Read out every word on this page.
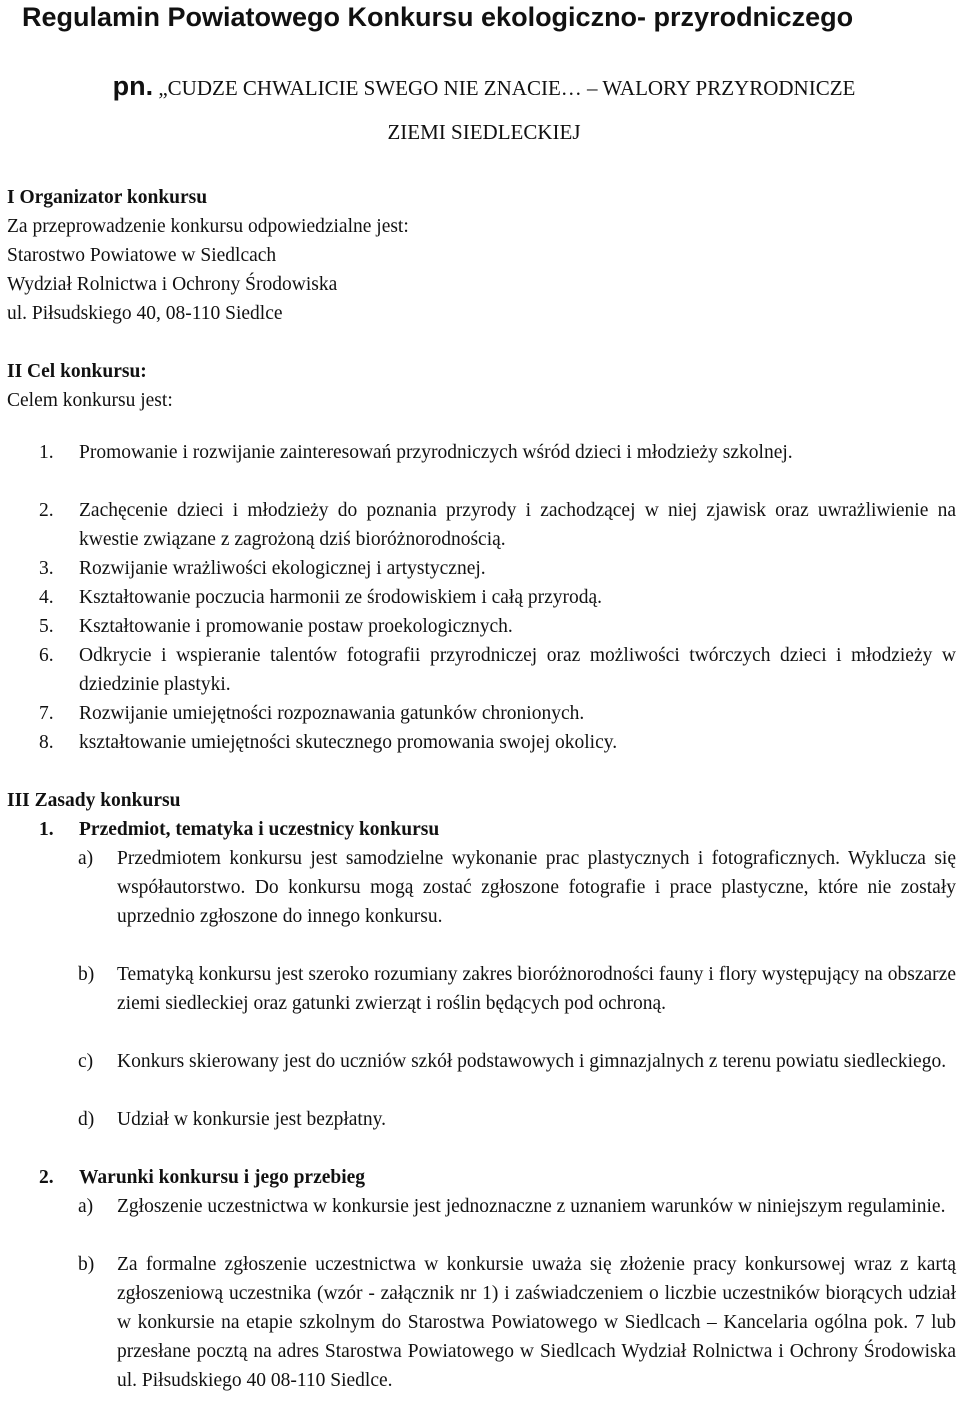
Regulamin Powiatowego Konkursu ekologiczno- przyrodniczego
pn. „CUDZE CHWALICIE SWEGO NIE ZNACIE… – WALORY PRZYRODNICZE
ZIEMI SIEDLECKIEJ
I Organizator konkursu
Za przeprowadzenie konkursu odpowiedzialne jest:
Starostwo Powiatowe w Siedlcach
Wydział Rolnictwa i Ochrony Środowiska
ul. Piłsudskiego 40, 08-110 Siedlce
II Cel konkursu:
Celem konkursu jest:
1. Promowanie i rozwijanie zainteresowań przyrodniczych wśród dzieci i młodzieży szkolnej.
2. Zachęcenie dzieci i młodzieży do poznania przyrody i zachodzącej w niej zjawisk oraz uwrażliwienie na kwestie związane z zagrożoną dziś bioróżnorodnością.
3. Rozwijanie wrażliwości ekologicznej i artystycznej.
4. Kształtowanie poczucia harmonii ze środowiskiem i całą przyrodą.
5. Kształtowanie i promowanie postaw proekologicznych.
6. Odkrycie i wspieranie talentów fotografii przyrodniczej oraz możliwości twórczych dzieci i młodzieży w dziedzinie plastyki.
7. Rozwijanie umiejętności rozpoznawania gatunków chronionych.
8. kształtowanie umiejętności skutecznego promowania swojej okolicy.
III Zasady konkursu
1. Przedmiot, tematyka i uczestnicy konkursu
a) Przedmiotem konkursu jest samodzielne wykonanie prac plastycznych i fotograficznych. Wyklucza się współautorstwo. Do konkursu mogą zostać zgłoszone fotografie i prace plastyczne, które nie zostały uprzednio zgłoszone do innego konkursu.
b) Tematyką konkursu jest szeroko rozumiany zakres bioróżnorodności fauny i flory występujący na obszarze ziemi siedleckiej oraz gatunki zwierząt i roślin będących pod ochroną.
c) Konkurs skierowany jest do uczniów szkół podstawowych i gimnazjalnych z terenu powiatu siedleckiego.
d) Udział w konkursie jest bezpłatny.
2. Warunki konkursu i jego przebieg
a) Zgłoszenie uczestnictwa w konkursie jest jednoznaczne z uznaniem warunków w niniejszym regulaminie.
b) Za formalne zgłoszenie uczestnictwa w konkursie uważa się złożenie pracy konkursowej wraz z kartą zgłoszeniową uczestnika (wzór - załącznik nr 1) i zaświadczeniem o liczbie uczestników biorących udział w konkursie na etapie szkolnym do Starostwa Powiatowego w Siedlcach – Kancelaria ogólna pok. 7 lub przesłane pocztą na adres Starostwa Powiatowego w Siedlcach Wydział Rolnictwa i Ochrony Środowiska ul. Piłsudskiego 40 08-110 Siedlce.
